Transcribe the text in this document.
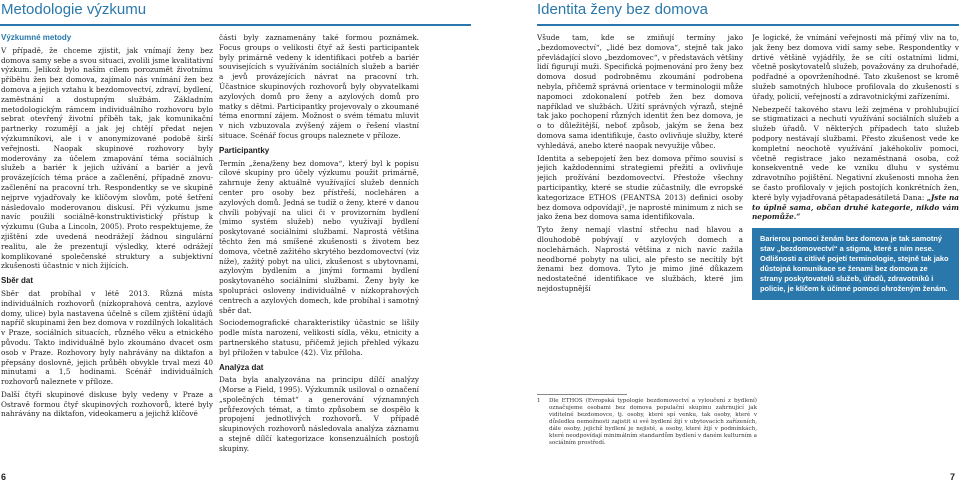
Metodologie výzkumu	Identita ženy bez domova
Výzkumné metody

V případě, že chceme zjistit, jak vnímají ženy bez domova samy sebe a svou situaci, zvolili jsme kvalitativní výzkum. Jelikož bylo naším cílem porozumět životnímu příběhu žen bez domova, zajímalo nás vnímání žen bez domova a jejich vztahu k bezdomovectví, zdraví, bydlení, zaměstnání a dostupným službám. Základním metodologickým rámcem individuálního rozhovoru bylo sebrat otevřený životní příběh tak, jak komunikační partnerky rozumějí a jak jej chtějí předat nejen výzkumníkovi, ale i v anonymizované podobě širší veřejnosti. Naopak skupinové rozhovory byly moderovány za účelem zmapování téma sociálních služeb a bariér k jejich užívání a bariér a jevů provázejících téma práce a začlenění, případně znovu-začlenění na pracovní trh. Respondentky se ve skupině nejprve vyjadřovaly ke klíčovým slovům, poté šetření následovalo moderovanou diskusí. Při výzkumu jsme navíc použili sociálně-konstruktivistický přístup k výzkumu (Guba a Lincoln, 2005). Proto respektujeme, že zjištění zde uvedená neodrážejí žádnou singulární realitu, ale že prezentují výsledky, které odrážejí komplikované společenské struktury a subjektivní zkušenosti účastnic v nich žijících.

Sběr dat

Sběr dat probíhal v létě 2013. Různá místa individuálních rozhovorů (nízkoprahová centra, azylové domy, ulice) byla nastavena účelně s cílem zjištění údajů napříč skupinami žen bez domova v rozdílných lokalitách v Praze, sociálních situacích, různého věku a etnického původu. Takto individuálně bylo zkoumáno dvacet osm osob v Praze. Rozhovory byly nahrávány na diktafon a přepsány doslovně, jejich průběh obvykle trval mezi 40 minutami a 1,5 hodinami. Scénář individuálních rozhovorů naleznete v příloze.

Další čtyři skupinové diskuse byly vedeny v Praze a Ostravě formou čtyř skupinových rozhovorů, které byly nahrávány na diktafon, videokameru a jejichž klíčové

části byly zaznamenány také formou poznámek. Focus groups o velikosti čtyř až šesti participantek byly primárně vedeny k identifikaci potřeb a bariér souvisejících s využíváním sociálních služeb a bariér a jevů provázejících návrat na pracovní trh. Účastnice skupinových rozhovorů byly obyvatelkami azylových domů pro ženy a azylových domů pro matky s dětmi. Participantky projevovaly o zkoumané téma enormní zájem. Možnost o svém tématu mluvit v nich vzbuzovala zvýšený zájem o řešení vlastní situace. Scénář focus groups naleznete v příloze.

Participantky

Termín „žena/ženy bez domova“, který byl k popisu cílové skupiny pro účely výzkumu použit primárně, zahrnuje ženy aktuálně využívající služeb denních center pro osoby bez přístřeší, nocleháren a azylových domů. Jedná se tudíž o ženy, které v danou chvíli pobývají na ulici či v provizorním bydlení (mimo systém služeb) nebo využívají bydlení poskytované sociálními službami. Naprostá většina těchto žen má smíšené zkušenosti s životem bez domova, včetně zažitého skrytého bezdomovectví (viz níže), zažitý pobyt na ulici, zkušenost s ubytovnami, azylovým bydlením a jinými formami bydlení poskytovaného sociálními službami. Ženy byly ke spolupráci osloveny individuálně v nízkoprahových centrech a azylových domech, kde probíhal i samotný sběr dat.

Sociodemografické charakteristiky účastnic se lišily podle místa narození, velikosti sídla, věku, etnicity a partnerského statusu, přičemž jejich přehled výkazu byl přiložen v tabulce (42). Viz příloha.

Analýza dat

Data byla analyzována na principu dílčí analýzy (Morse a Field, 1995). Výzkumník usiloval o označení „společných témat“ a generování významných průřezových témat, a tímto způsobem se dospělo k propojení jednotlivých rozhovorů. V případě skupinových rozhovorů následovala analýza záznamu a stejně dílčí kategorizace konsenzuálních postojů skupiny.

Všude tam, kde se zmiňují termíny jako „bezdomovectví“, „lidé bez domova“, stejně tak jako převládající slovo „bezdomovec“, v představách většiny lidí figurují muži. Specifická pojmenování pro ženy bez domova dosud podrobněmu zkoumání podrobena nebyla, přičemž správná orientace v terminologii může napomoci zdokonalení potřeb žen bez domova například ve službách. Užití správných výrazů, stejně tak jako pochopení různých identit žen bez domova, je o to důležitější, neboť způsob, jakým se žena bez domova sama identifikuje, často ovlivňuje služby, které vyhledává, anebo které naopak nevyužije vůbec.

Identita a sebepojetí žen bez domova přímo souvisí s jejich každodenními strategiemi přežití a ovlivňuje jejich prožívání bezdomovectví. Přestože všechny participantky, které se studie zúčastnily, dle evropské kategorizace ETHOS (FEANTSA 2013) definici osoby bez domova odpovídají¹, je naprosté minimum z nich se jako žena bez domova sama identifikovala.

Tyto ženy nemají vlastní střechu nad hlavou a dlouhodobě pobývají v azylových domech a noclehárnách. Naprostá většina z nich navíc zažila neodborné pobyty na ulici, ale přesto se necítily být ženami bez domova. Tyto je mimo jiné důkazem nedostatečné identifikace ve službách, které jim nejdostupnější

Je logické, že vnímání veřejnosti má přímý vliv na to, jak ženy bez domova vidí samy sebe. Respondentky v drtivé většině vyjádřily, že se cítí ostatními lidmi, včetně poskytovatelů služeb, považovány za druhořadé, podřadné a opovrženíhodné. Tato zkušenost se kromě služeb samotných hluboce profilovala do zkušeností s úřady, policií, veřejností a zdravotnickými zařízeními.

Nebezpečí takového stavu leží zejména v prohlubující se stigmatizaci a nechuti využívání sociálních služeb a služeb úřadů. V některých případech tato služeb podpory nestávají službami. Přesto zkušenost vede ke kompletní neochotě využívání jakéhokoliv pomoci, včetně registrace jako nezaměstnaná osoba, což konsekventně vede ke vzniku dluhu v systému zdravotního pojištění. Negativní zkušenosti mnoha žen se často profilovaly v jejich postojích konkrétních žen, které byly vyjadřovaná pětapadesátiletá Dana: „Jste na to úplně sama, občan druhé kategorie, nikdo vám nepomůže.“

Barierou pomoci ženám bez domova je tak samotný stav „bezdomovectví“ a stigma, které s ním nese. Odlišnosti a citlivé pojetí terminologie, stejně tak jako důstojná komunikace se ženami bez domova ze strany poskytovatelů služeb, úřadů, zdravotníků i policie, je klíčem k účinné pomoci ohroženým ženám.
1 Dle ETHOS (Evropská typologie bezdomovectví a vyloučení z bydlení) označujeme osobami bez domova populační skupinu zahrnující jak viditelné bezdomovce, tj. osoby, které spí venku, tak osoby, které v důsledku nemožnosti zajistit si své bydlení žijí v ubytovacích zařízeních, dále osoby, jejichž bydlení je nejisté, a osoby, které žijí v podmínkách, které neodpovídají minimálním standardům bydlení v daném kulturním a sociálním prostředí.
6	7
